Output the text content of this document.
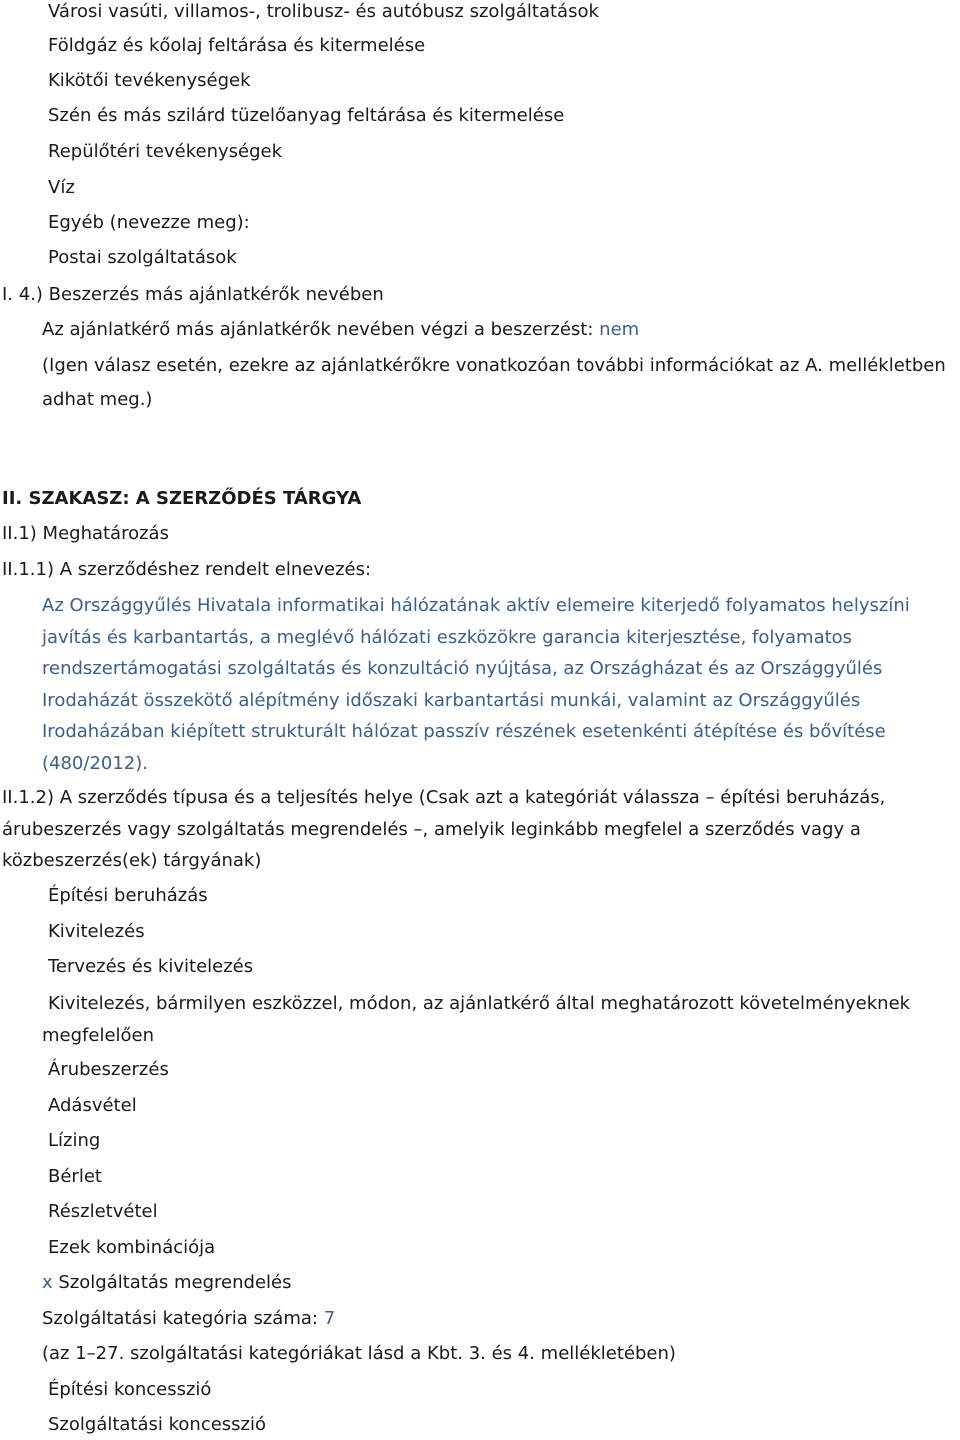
Városi vasúti, villamos-, trolibusz- és autóbusz szolgáltatások
Földgáz és kőolaj feltárása és kitermelése
Kikötői tevékenységek
Szén és más szilárd tüzelőanyag feltárása és kitermelése
Repülőtéri tevékenységek
Víz
Egyéb (nevezze meg):
Postai szolgáltatások
I. 4.) Beszerzés más ajánlatkérők nevében
Az ajánlatkérő más ajánlatkérők nevében végzi a beszerzést: nem
(Igen válasz esetén, ezekre az ajánlatkérőkre vonatkozóan további információkat az A. mellékletben adhat meg.)
II. SZAKASZ: A SZERZŐDÉS TÁRGYA
II.1) Meghatározás
II.1.1) A szerződéshez rendelt elnevezés:
Az Országgyűlés Hivatala informatikai hálózatának aktív elemeire kiterjedő folyamatos helyszíni javítás és karbantartás, a meglévő hálózati eszközökre garancia kiterjesztése, folyamatos rendszertámogatási szolgáltatás és konzultáció nyújtása, az Országházat és az Országgyűlés Irodaházát összekötő alépítmény időszaki karbantartási munkái, valamint az Országgyűlés Irodaházában kiépített strukturált hálózat passzív részének esetenkénti átépítése és bővítése (480/2012).
II.1.2) A szerződés típusa és a teljesítés helye (Csak azt a kategóriát válassza – építési beruházás, árubeszerzés vagy szolgáltatás megrendelés –, amelyik leginkább megfelel a szerződés vagy a közbeszerzés(ek) tárgyának)
Építési beruházás
Kivitelezés
Tervezés és kivitelezés
Kivitelezés, bármilyen eszközzel, módon, az ajánlatkérő által meghatározott követelményeknek megfelelően
Árubeszerzés
Adásvétel
Lízing
Bérlet
Részletvétel
Ezek kombinációja
x Szolgáltatás megrendelés
Szolgáltatási kategória száma: 7
(az 1–27. szolgáltatási kategóriákat lásd a Kbt. 3. és 4. mellékletében)
Építési koncesszió
Szolgáltatási koncesszió
